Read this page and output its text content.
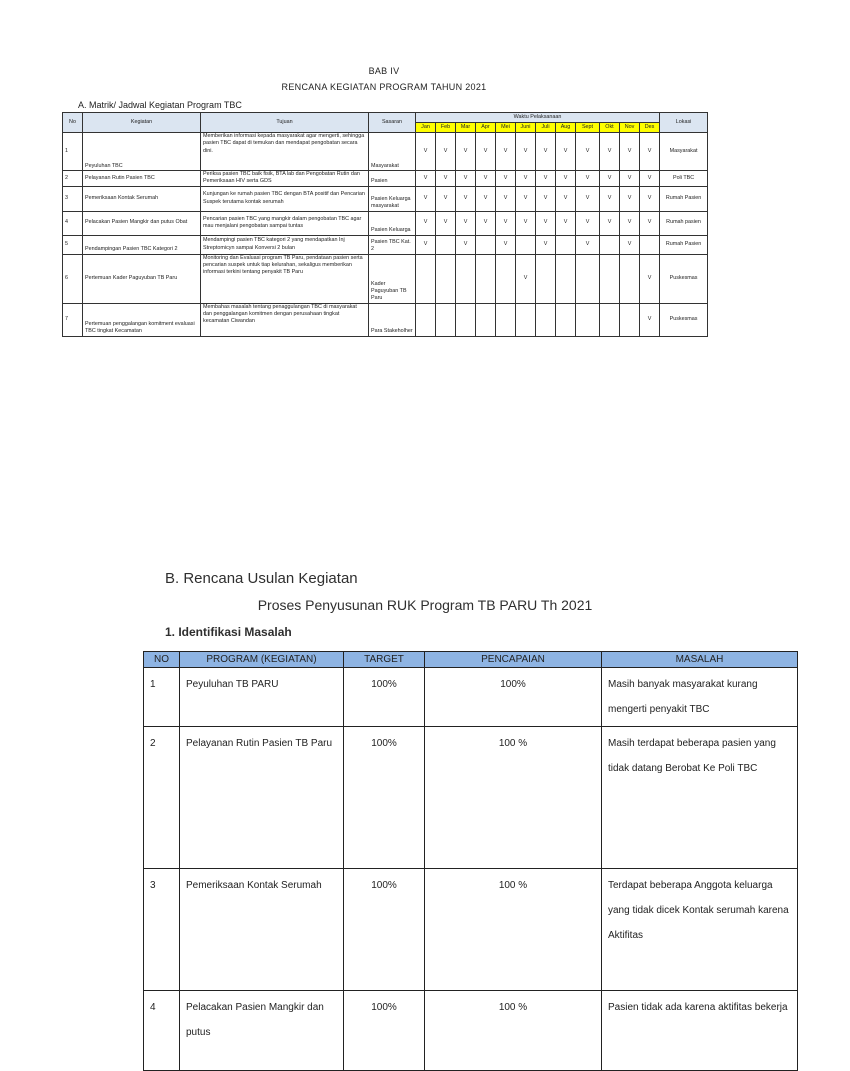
BAB IV
RENCANA KEGIATAN PROGRAM TAHUN 2021
A. Matrik/ Jadwal Kegiatan Program TBC
No	Kegiatan	Tujuan	Sasaran	Waktu Pelaksanaan												Lokasi
				Jan	Feb	Mar	Apr	Mei	Juni	Juli	Aug	Sept	Okt	Nov	Des	
1	Peyuluhan TBC	Memberikan informasi kepada masyarakat agar mengerti, sehingga pasien TBC dapat di temukan dan mendapat pengobatan secara dini.	Masyarakat	V	V	V	V	V	V	V	V	V	V	V	V	Masyarakat
2	Pelayanan Rutin Pasien TBC	Periksa pasien TBC baik fisik, BTA lab dan Pengobatan Rutin dan Pemeriksaan HIV serta GDS	Pasien	V	V	V	V	V	V	V	V	V	V	V	V	Poli TBC
3	Pemeriksaan Kontak Serumah	Kunjungan ke rumah pasien TBC dengan BTA positif dan Pencarian Suspek terutama kontak serumah	Pasien Keluarga masyarakat	V	V	V	V	V	V	V	V	V	V	V	V	Rumah Pasien
4	Pelacakan Pasien Mangkir dan putus Obat	Pencarian pasien TBC yang mangkir dalam pengobatan TBC agar mau menjalani pengobatan sampai tuntas	Pasien Keluarga	V	V	V	V	V	V	V	V	V	V	V	V	Rumah pasien
5	Pendampingan Pasien TBC Kategori 2	Mendampingi pasien TBC kategori 2 yang mendapatkan Inj Streptomicyn sampai Konversi 2 bulan	Pasien TBC Kat. 2	V		V		V		V		V		V		Rumah Pasien
6	Pertemuan Kader Paguyuban TB Paru	Monitoring dan Evaluasi program TB Paru, pendataan pasien serta pencarian suspek untuk tiap kelurahan, sekaligus memberikan informasi terkini tentang penyakit TB Paru	Kader Paguyuban TB Paru						V						V	Puskesmas
7	Pertemuan penggalangan komitment evaluasi TBC tingkat Kecamatan	Membahas masalah tentang penaggulangan TBC di masyarakat dan penggalangan komitmen dengan perusahaan tingkat kecamatan Ciwandan	Para Stakeholher												V	Puskesmas
B. Rencana Usulan Kegiatan
Proses Penyusunan RUK Program TB PARU Th 2021
1. Identifikasi Masalah
NO	PROGRAM (KEGIATAN)	TARGET	PENCAPAIAN	MASALAH
1	Peyuluhan TB PARU	100%	100%	Masih banyak masyarakat kurang mengerti penyakit TBC
2	Pelayanan Rutin Pasien TB Paru	100%	100 %	Masih terdapat beberapa pasien yang tidak datang Berobat Ke Poli TBC
3	Pemeriksaan Kontak Serumah	100%	100 %	Terdapat beberapa Anggota keluarga yang tidak dicek Kontak serumah karena Aktifitas
4	Pelacakan Pasien Mangkir dan putus	100%	100 %	Pasien tidak ada karena aktifitas bekerja
